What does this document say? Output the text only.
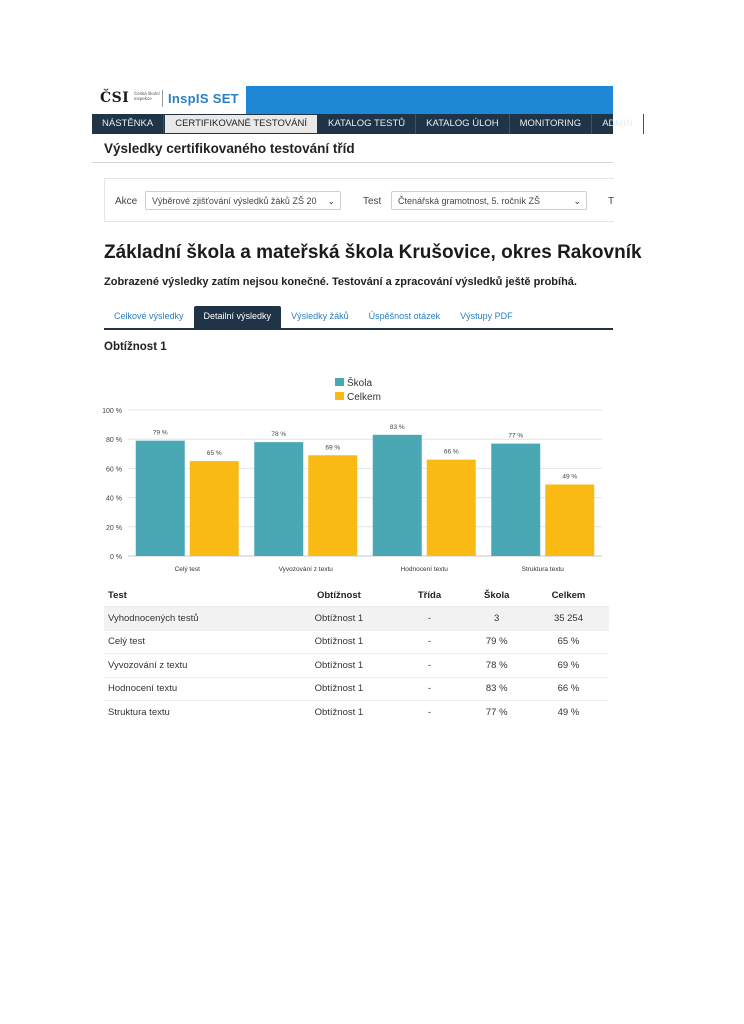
ČSI Česká školní inspekce	InspIS SET
NÁSTĚNKA	CERTIFIKOVANÉ TESTOVÁNÍ	KATALOG TESTŮ	KATALOG ÚLOH	MONITORING	ADMIN
Výsledky certifikovaného testování tříd
Akce	Výběrové zjišťování výsledků žáků ZŠ 20 ⌄	Test	Čtenářská gramotnost, 5. ročník ZŠ	⌄	T
Základní škola a mateřská škola Krušovice, okres Rakovník
Zobrazené výsledky zatím nejsou konečné. Testování a zpracování výsledků ještě probíhá.
Celkové výsledky	Detailní výsledky	Výsledky žáků	Úspěšnost otázek	Výstupy PDF
Obtížnost 1
0 %
20 %
40 %
60 %
80 %
100 %
Škola
Celkem
79 %
65 %
Celý test
78 %
69 %
Vyvozování z textu
83 %
66 %
Hodnocení textu
77 %
49 %
Struktura textu
Test	Obtížnost	Třída	Škola	Celkem
Vyhodnocených testů	Obtížnost 1	-	3	35 254
Celý test	Obtížnost 1	-	79 %	65 %
Vyvozování z textu	Obtížnost 1	-	78 %	69 %
Hodnocení textu	Obtížnost 1	-	83 %	66 %
Struktura textu	Obtížnost 1	-	77 %	49 %
